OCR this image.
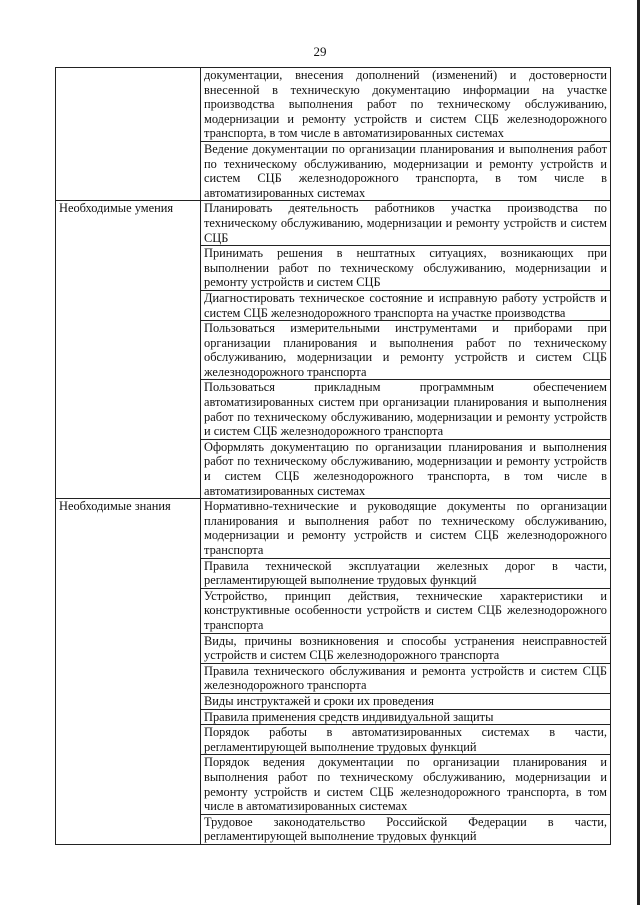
29
	документации, внесения дополнений (изменений) и достоверности внесенной в техническую документацию информации на участке производства выполнения работ по техническому обслуживанию, модернизации и ремонту устройств и систем СЦБ железнодорожного транспорта, в том числе в автоматизированных системах
	Ведение документации по организации планирования и выполнения работ по техническому обслуживанию, модернизации и ремонту устройств и систем СЦБ железнодорожного транспорта, в том числе в автоматизированных системах
Необходимые умения	Планировать деятельность работников участка производства по техническому обслуживанию, модернизации и ремонту устройств и систем СЦБ
	Принимать решения в нештатных ситуациях, возникающих при выполнении работ по техническому обслуживанию, модернизации и ремонту устройств и систем СЦБ
	Диагностировать техническое состояние и исправную работу устройств и систем СЦБ железнодорожного транспорта на участке производства
	Пользоваться измерительными инструментами и приборами при организации планирования и выполнения работ по техническому обслуживанию, модернизации и ремонту устройств и систем СЦБ железнодорожного транспорта
	Пользоваться прикладным программным обеспечением автоматизированных систем при организации планирования и выполнения работ по техническому обслуживанию, модернизации и ремонту устройств и систем СЦБ железнодорожного транспорта
	Оформлять документацию по организации планирования и выполнения работ по техническому обслуживанию, модернизации и ремонту устройств и систем СЦБ железнодорожного транспорта, в том числе в автоматизированных системах
Необходимые знания	Нормативно-технические и руководящие документы по организации планирования и выполнения работ по техническому обслуживанию, модернизации и ремонту устройств и систем СЦБ железнодорожного транспорта
	Правила технической эксплуатации железных дорог в части, регламентирующей выполнение трудовых функций
	Устройство, принцип действия, технические характеристики и конструктивные особенности устройств и систем СЦБ железнодорожного транспорта
	Виды, причины возникновения и способы устранения неисправностей устройств и систем СЦБ железнодорожного транспорта
	Правила технического обслуживания и ремонта устройств и систем СЦБ железнодорожного транспорта
	Виды инструктажей и сроки их проведения
	Правила применения средств индивидуальной защиты
	Порядок работы в автоматизированных системах в части, регламентирующей выполнение трудовых функций
	Порядок ведения документации по организации планирования и выполнения работ по техническому обслуживанию, модернизации и ремонту устройств и систем СЦБ железнодорожного транспорта, в том числе в автоматизированных системах
	Трудовое законодательство Российской Федерации в части, регламентирующей выполнение трудовых функций
